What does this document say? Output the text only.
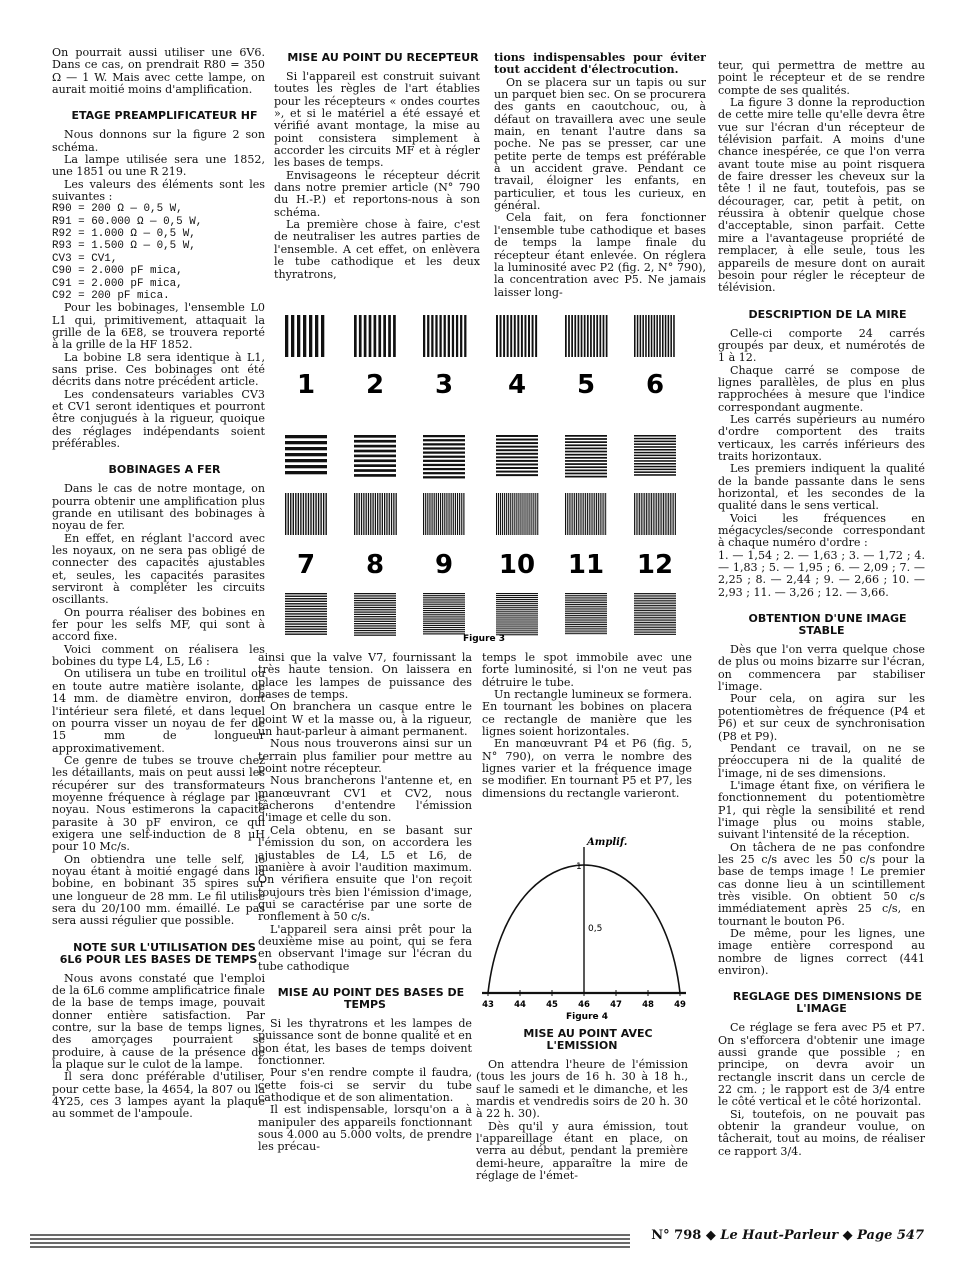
On pourrait aussi utiliser une 6V6. Dans ce cas, on prendrait R80 = 350 Ω — 1 W. Mais avec cette lampe, on aurait moitié moins d'amplification.

ETAGE PREAMPLIFICATEUR HF

Nous donnons sur la figure 2 son schéma.

La lampe utilisée sera une 1852, une 1851 ou une R 219.

Les valeurs des éléments sont les suivantes :

R90 = 200 Ω — 0,5 W,

R91 = 60.000 Ω — 0,5 W,

R92 = 1.000 Ω — 0,5 W,

R93 = 1.500 Ω — 0,5 W,

CV3 = CV1,

C90 = 2.000 pF mica,

C91 = 2.000 pF mica,

C92 = 200 pF mica.

Pour les bobinages, l'ensemble L0 L1 qui, primitivement, attaquait la grille de la 6E8, se trouvera reporté à la grille de la HF 1852.

La bobine L8 sera identique à L1, sans prise. Ces bobinages ont été décrits dans notre précédent article.

Les condensateurs variables CV3 et CV1 seront identiques et pourront être conjugués à la rigueur, quoique des réglages indépendants soient préférables.

BOBINAGES A FER

Dans le cas de notre montage, on pourra obtenir une amplification plus grande en utilisant des bobinages à noyau de fer.

En effet, en réglant l'accord avec les noyaux, on ne sera pas obligé de connecter des capacités ajustables et, seules, les capacités parasites serviront à compléter les circuits oscillants.

On pourra réaliser des bobines en fer pour les selfs MF, qui sont à accord fixe.

Voici comment on réalisera les bobines du type L4, L5, L6 :

On utilisera un tube en troilitul ou en toute autre matière isolante, de 14 mm. de diamètre environ, dont l'intérieur sera fileté, et dans lequel on pourra visser un noyau de fer de 15 mm de longueur approximativement.

Ce genre de tubes se trouve chez les détaillants, mais on peut aussi les récupérer sur des transformateurs moyenne fréquence à réglage par le noyau. Nous estimerons la capacité parasite à 30 pF environ, ce qui exigera une self-induction de 8 µH pour 10 Mc/s.

On obtiendra une telle self, le noyau étant à moitié engagé dans la bobine, en bobinant 35 spires sur une longueur de 28 mm. Le fil utilisé sera du 20/100 mm. émaillé. Le pas sera aussi régulier que possible.

NOTE SUR L'UTILISATION DES 6L6 POUR LES BASES DE TEMPS

Nous avons constaté que l'emploi de la 6L6 comme amplificatrice finale de la base de temps image, pouvait donner entière satisfaction. Par contre, sur la base de temps lignes, des amorçages pourraient se produire, à cause de la présence de la plaque sur le culot de la lampe.

Il sera donc préférable d'utiliser, pour cette base, la 4654, la 807 ou la 4Y25, ces 3 lampes ayant la plaque au sommet de l'ampoule.

MISE AU POINT DU RECEPTEUR

Si l'appareil est construit suivant toutes les règles de l'art établies pour les récepteurs « ondes courtes », et si le matériel a été essayé et vérifié avant montage, la mise au point consistera simplement à accorder les circuits MF et à régler les bases de temps.

Envisageons le récepteur décrit dans notre premier article (N° 790 du H.-P.) et reportons-nous à son schéma.

La première chose à faire, c'est de neutraliser les autres parties de l'ensemble. A cet effet, on enlèvera le tube cathodique et les deux thyratrons,

tions indispensables pour éviter tout accident d'électrocution.

On se placera sur un tapis ou sur un parquet bien sec. On se procurera des gants en caoutchouc, ou, à défaut on travaillera avec une seule main, en tenant l'autre dans sa poche. Ne pas se presser, car une petite perte de temps est préférable à un accident grave. Pendant ce travail, éloigner les enfants, en particulier, et tous les curieux, en général.

Cela fait, on fera fonctionner l'ensemble tube cathodique et bases de temps la lampe finale du récepteur étant enlevée. On réglera la luminosité avec P2 (fig. 2, N° 790), la concentration avec P5. Ne jamais laisser long-

teur, qui permettra de mettre au point le récepteur et de se rendre compte de ses qualités.

La figure 3 donne la reproduction de cette mire telle qu'elle devra être vue sur l'écran d'un récepteur de télévision parfait. A moins d'une chance inespérée, ce que l'on verra avant toute mise au point risquera de faire dresser les cheveux sur la tête ! il ne faut, toutefois, pas se décourager, car, petit à petit, on réussira à obtenir quelque chose d'acceptable, sinon parfait. Cette mire a l'avantageuse propriété de remplacer, à elle seule, tous les appareils de mesure dont on aurait besoin pour régler le récepteur de télévision.

DESCRIPTION DE LA MIRE

Celle-ci comporte 24 carrés groupés par deux, et numérotés de 1 à 12.

Chaque carré se compose de lignes parallèles, de plus en plus rapprochées à mesure que l'indice correspondant augmente.

Les carrés supérieurs au numéro d'ordre comportent des traits verticaux, les carrés inférieurs des traits horizontaux.

Les premiers indiquent la qualité de la bande passante dans le sens horizontal, et les secondes de la qualité dans le sens vertical.

Voici les fréquences en mégacycles/seconde correspondant à chaque numéro d'ordre :

1. — 1,54 ; 2. — 1,63 ; 3. — 1,72 ; 4. — 1,83 ; 5. — 1,95 ; 6. — 2,09 ; 7. — 2,25 ; 8. — 2,44 ; 9. — 2,66 ; 10. — 2,93 ; 11. — 3,26 ; 12. — 3,66.

OBTENTION D'UNE IMAGE STABLE

Dès que l'on verra quelque chose de plus ou moins bizarre sur l'écran, on commencera par stabiliser l'image.

Pour cela, on agira sur les potentiomètres de fréquence (P4 et P6) et sur ceux de synchronisation (P8 et P9).

Pendant ce travail, on ne se préoccupera ni de la qualité de l'image, ni de ses dimensions.

L'image étant fixe, on vérifiera le fonctionnement du potentiomètre P1, qui règle la sensibilité et rend l'image plus ou moins stable, suivant l'intensité de la réception.

On tâchera de ne pas confondre les 25 c/s avec les 50 c/s pour la base de temps image ! Le premier cas donne lieu à un scintillement très visible. On obtient 50 c/s immédiatement après 25 c/s, en tournant le bouton P6.

De même, pour les lignes, une image entière correspond au nombre de lignes correct (441 environ).

REGLAGE DES DIMENSIONS DE L'IMAGE

Ce réglage se fera avec P5 et P7. On s'efforcera d'obtenir une image aussi grande que possible ; en principe, on devra avoir un rectangle inscrit dans un cercle de 22 cm. ; le rapport est de 3/4 entre le côté vertical et le côté horizontal.

Si, toutefois, on ne pouvait pas obtenir la grandeur voulue, on tâcherait, tout au moins, de réaliser ce rapport 3/4.

ainsi que la valve V7, fournissant la très haute tension. On laissera en place les lampes de puissance des bases de temps.

On branchera un casque entre le point W et la masse ou, à la rigueur, un haut-parleur à aimant permanent.

Nous nous trouverons ainsi sur un terrain plus familier pour mettre au point notre récepteur.

Nous brancherons l'antenne et, en manœuvrant CV1 et CV2, nous tâcherons d'entendre l'émission d'image et celle du son.

Cela obtenu, en se basant sur l'émission du son, on accordera les ajustables de L4, L5 et L6, de manière à avoir l'audition maximum. On vérifiera ensuite que l'on reçoit toujours très bien l'émission d'image, qui se caractérise par une sorte de ronflement à 50 c/s.

L'appareil sera ainsi prêt pour la deuxième mise au point, qui se fera en observant l'image sur l'écran du tube cathodique

MISE AU POINT DES BASES DE TEMPS

Si les thyratrons et les lampes de puissance sont de bonne qualité et en bon état, les bases de temps doivent fonctionner.

Pour s'en rendre compte il faudra, cette fois-ci se servir du tube cathodique et de son alimentation.

Il est indispensable, lorsqu'on a à manipuler des appareils fonctionnant sous 4.000 au 5.000 volts, de prendre les précau-

temps le spot immobile avec une forte luminosité, si l'on ne veut pas détruire le tube.

Un rectangle lumineux se formera. En tournant les bobines on placera ce rectangle de manière que les lignes soient horizontales.

En manœuvrant P4 et P6 (fig. 5, N° 790), on verra le nombre des lignes varier et la fréquence image se modifier. En tournant P5 et P7, les dimensions du rectangle varieront.

MISE AU POINT AVEC L'EMISSION

On attendra l'heure de l'émission (tous les jours de 16 h. 30 à 18 h., sauf le samedi et le dimanche, et les mardis et vendredis soirs de 20 h. 30 à 22 h. 30).

Dès qu'il y aura émission, tout l'appareillage étant en place, on verra au début, pendant la première demi-heure, apparaître la mire de réglage de l'émet-

1 2 3 4 5 6
7 8 9 10 11 12
Figure 3
Amplif.
1
0,5
43 44 45 46 47 48 49
Figure 4
N° 798 ◆ Le Haut-Parleur ◆ Page 547
